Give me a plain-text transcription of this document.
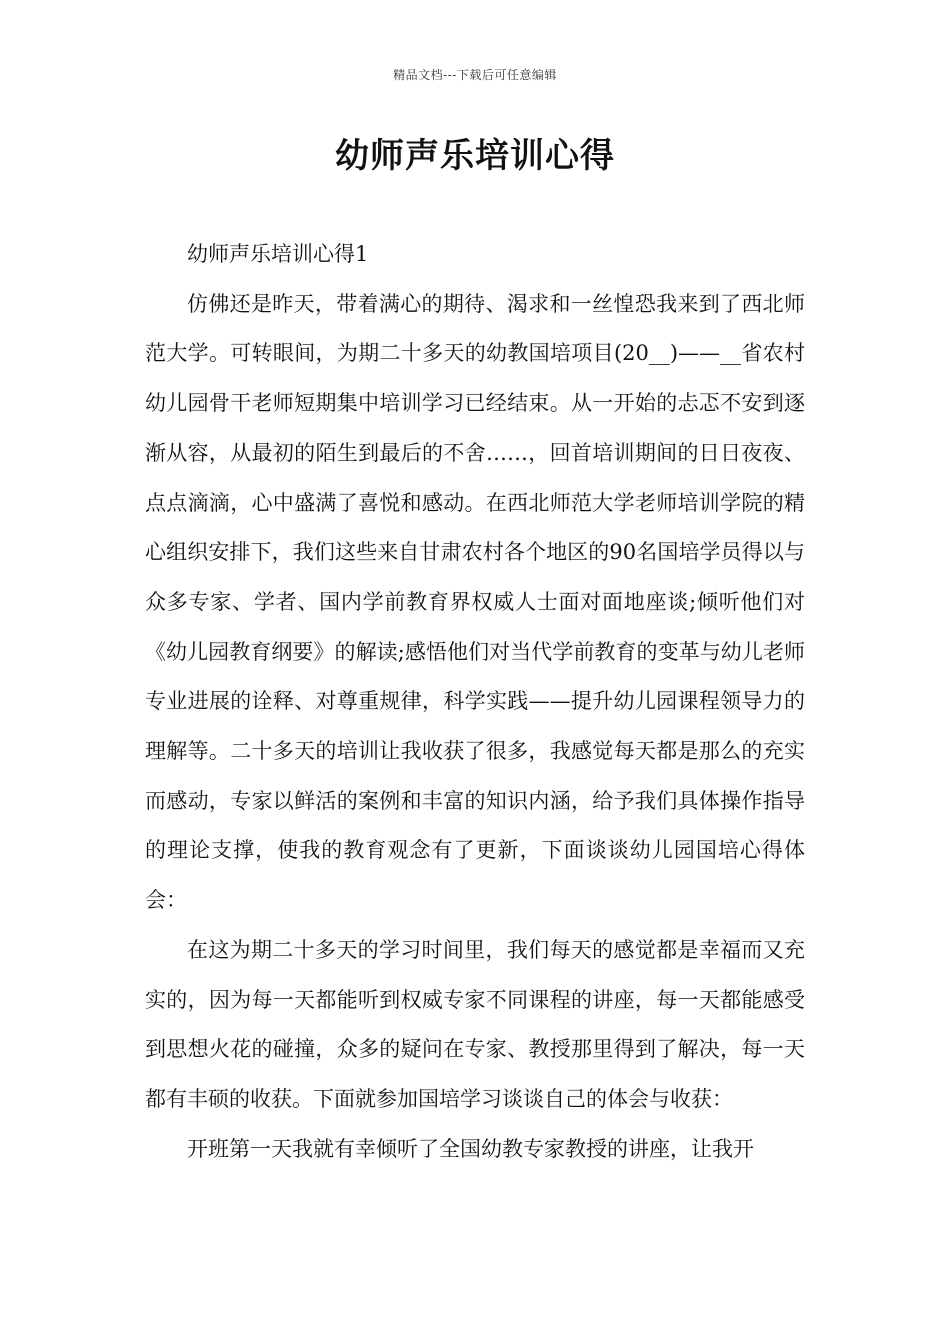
精品文档---下载后可任意编辑
幼师声乐培训心得

幼师声乐培训心得1

仿佛还是昨天，带着满心的期待、渴求和一丝惶恐我来到了西北师范大学。可转眼间，为期二十多天的幼教国培项目(20__)——__省农村幼儿园骨干老师短期集中培训学习已经结束。从一开始的忐忑不安到逐渐从容，从最初的陌生到最后的不舍……，回首培训期间的日日夜夜、点点滴滴，心中盛满了喜悦和感动。在西北师范大学老师培训学院的精心组织安排下，我们这些来自甘肃农村各个地区的90名国培学员得以与众多专家、学者、国内学前教育界权威人士面对面地座谈;倾听他们对《幼儿园教育纲要》的解读;感悟他们对当代学前教育的变革与幼儿老师专业进展的诠释、对尊重规律，科学实践——提升幼儿园课程领导力的理解等。二十多天的培训让我收获了很多，我感觉每天都是那么的充实而感动，专家以鲜活的案例和丰富的知识内涵，给予我们具体操作指导的理论支撑，使我的教育观念有了更新，下面谈谈幼儿园国培心得体会：

在这为期二十多天的学习时间里，我们每天的感觉都是幸福而又充实的，因为每一天都能听到权威专家不同课程的讲座，每一天都能感受到思想火花的碰撞，众多的疑问在专家、教授那里得到了解决，每一天都有丰硕的收获。下面就参加国培学习谈谈自己的体会与收获：

开班第一天我就有幸倾听了全国幼教专家教授的讲座，让我开
